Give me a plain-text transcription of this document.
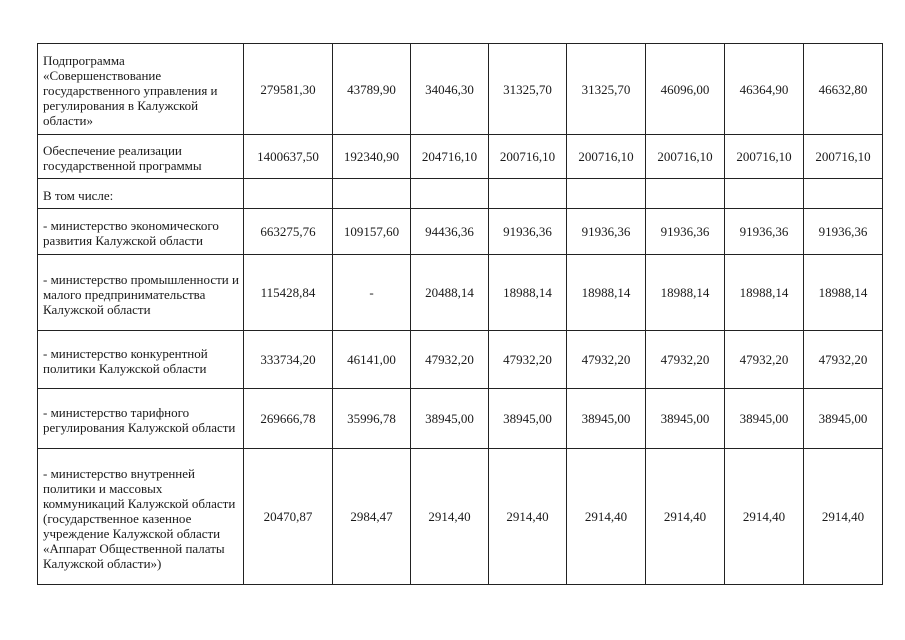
Подпрограмма «Совершенствование государственного управления и регулирования в Калужской области»	279581,30	43789,90	34046,30	31325,70	31325,70	46096,00	46364,90	46632,80
Обеспечение реализации государственной программы	1400637,50	192340,90	204716,10	200716,10	200716,10	200716,10	200716,10	200716,10
В том числе:								
- министерство экономического развития Калужской области	663275,76	109157,60	94436,36	91936,36	91936,36	91936,36	91936,36	91936,36
- министерство промышленности и малого предпринимательства Калужской области	115428,84	-	20488,14	18988,14	18988,14	18988,14	18988,14	18988,14
- министерство конкурентной политики Калужской области	333734,20	46141,00	47932,20	47932,20	47932,20	47932,20	47932,20	47932,20
- министерство тарифного регулирования Калужской области	269666,78	35996,78	38945,00	38945,00	38945,00	38945,00	38945,00	38945,00
- министерство внутренней политики и массовых коммуникаций Калужской области (государственное казенное учреждение Калужской области «Аппарат Общественной палаты Калужской области»)	20470,87	2984,47	2914,40	2914,40	2914,40	2914,40	2914,40	2914,40
